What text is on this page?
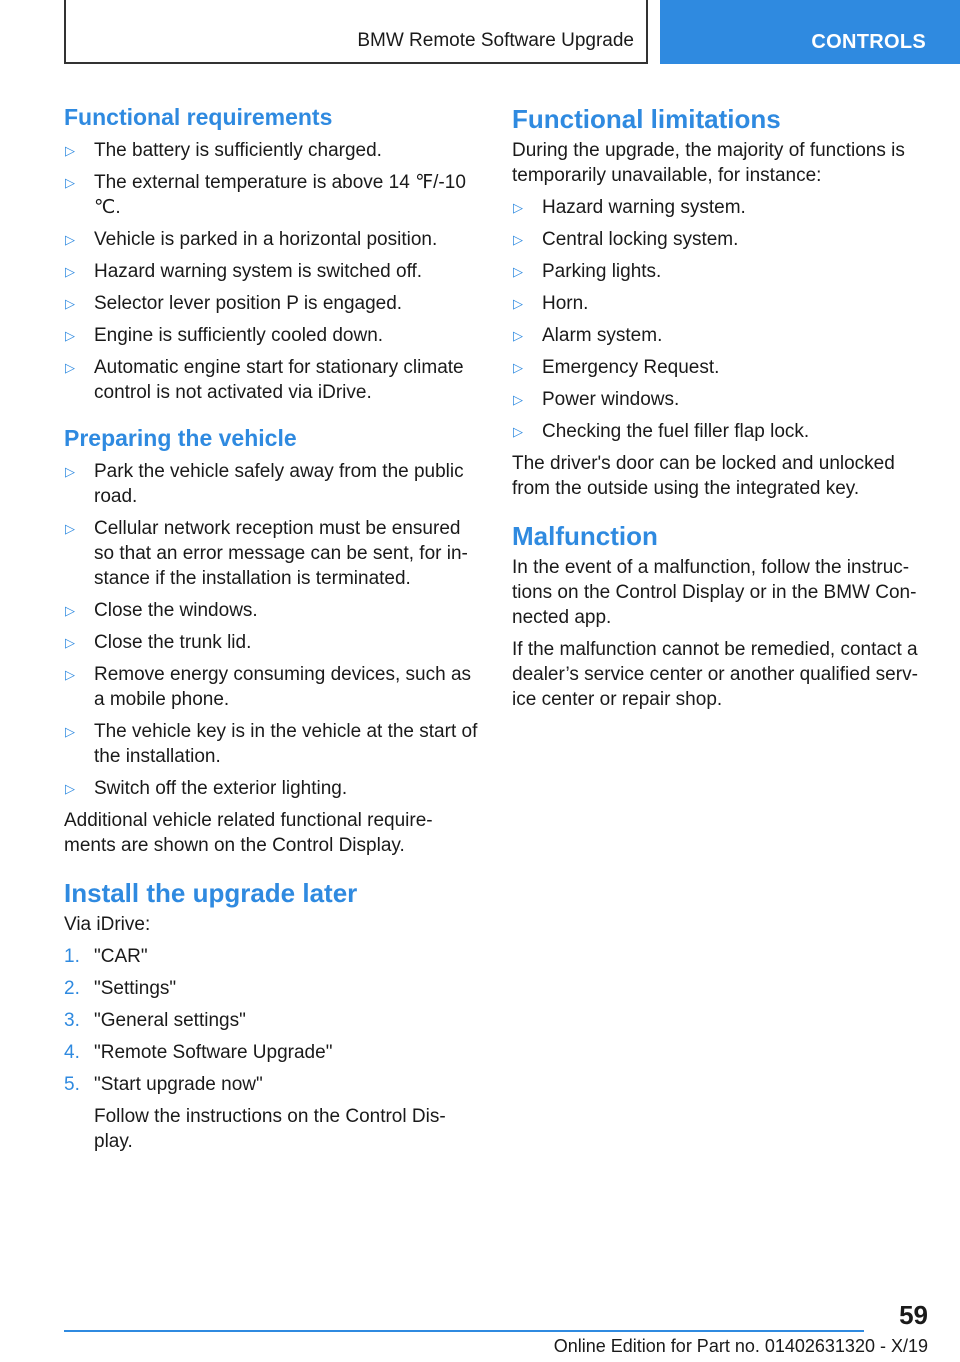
BMW Remote Software Upgrade	CONTROLS
Functional requirements
▷ The battery is sufficiently charged.
▷ The external temperature is above 14 ℉/-10 ℃.
▷ Vehicle is parked in a horizontal position.
▷ Hazard warning system is switched off.
▷ Selector lever position P is engaged.
▷ Engine is sufficiently cooled down.
▷ Automatic engine start for stationary climate control is not activated via iDrive.
Preparing the vehicle
▷ Park the vehicle safely away from the public road.
▷ Cellular network reception must be ensured so that an error message can be sent, for in‐stance if the installation is terminated.
▷ Close the windows.
▷ Close the trunk lid.
▷ Remove energy consuming devices, such as a mobile phone.
▷ The vehicle key is in the vehicle at the start of the installation.
▷ Switch off the exterior lighting.

Additional vehicle related functional require‐ments are shown on the Control Display.

Install the upgrade later

Via iDrive:

1. "CAR"
2. "Settings"
3. "General settings"
4. "Remote Software Upgrade"
5. "Start upgrade now"

Follow the instructions on the Control Dis‐play.

Functional limitations

During the upgrade, the majority of functions is temporarily unavailable, for instance:

▷ Hazard warning system.
▷ Central locking system.
▷ Parking lights.
▷ Horn.
▷ Alarm system.
▷ Emergency Request.
▷ Power windows.
▷ Checking the fuel filler flap lock.

The driver's door can be locked and unlocked from the outside using the integrated key.

Malfunction

In the event of a malfunction, follow the instruc‐tions on the Control Display or in the BMW Con‐nected app.

If the malfunction cannot be remedied, contact a dealer’s service center or another qualified serv‐ice center or repair shop.

59
Online Edition for Part no. 01402631320 - X/19
